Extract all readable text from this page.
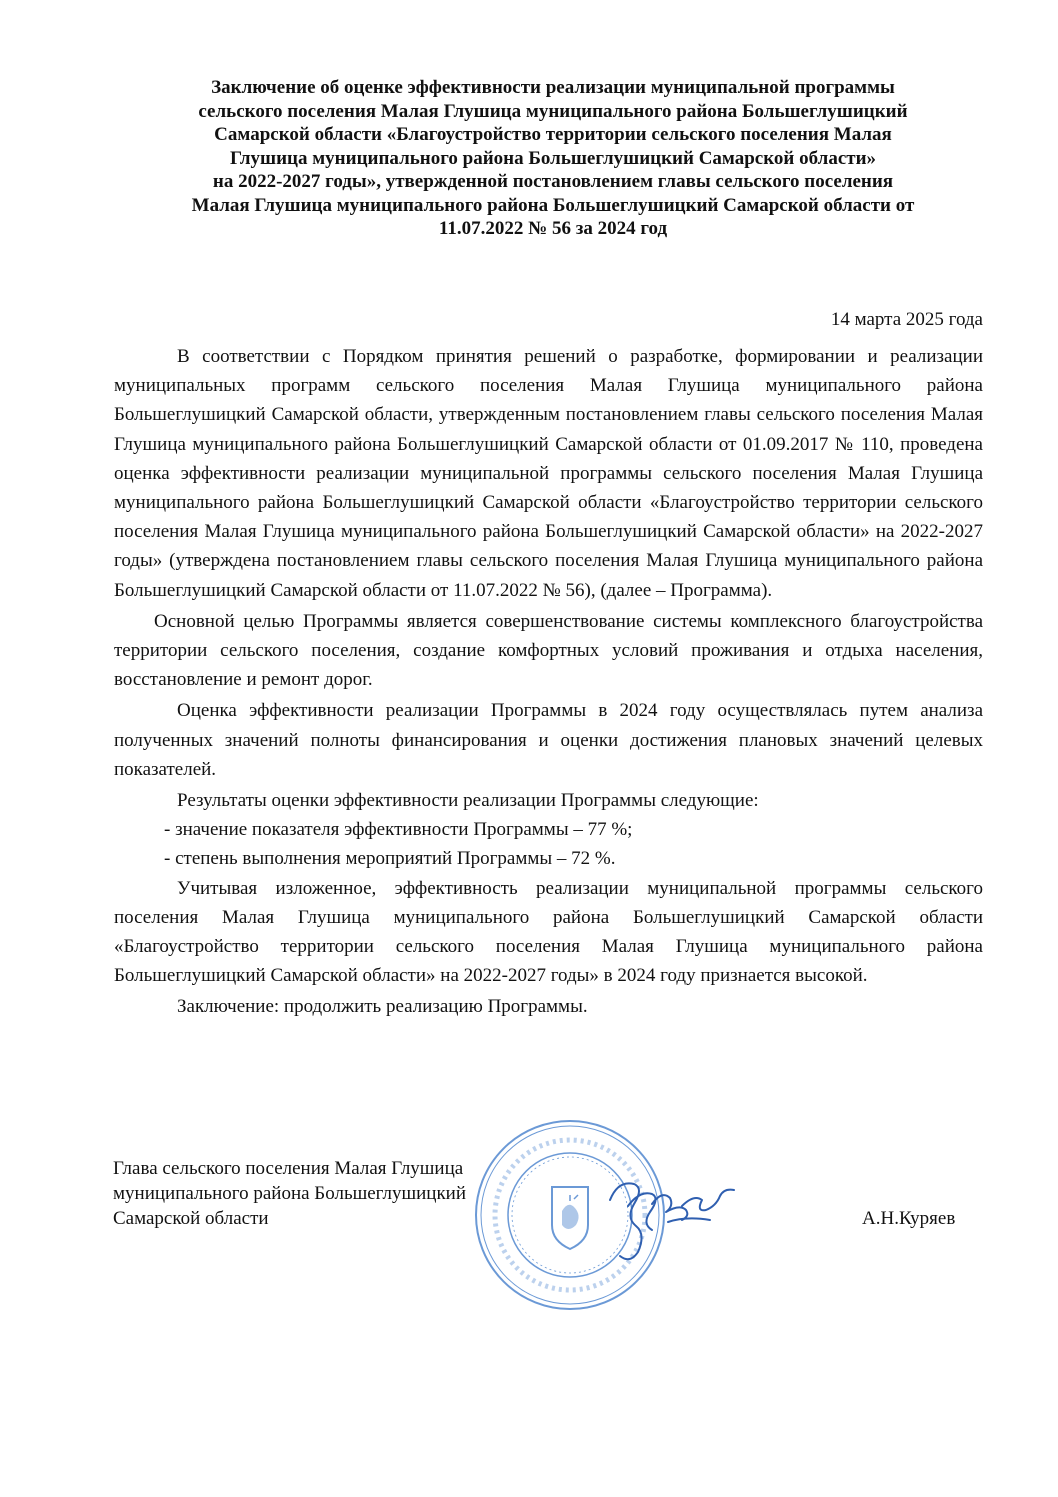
Заключение об оценке эффективности реализации муниципальной программы
сельского поселения Малая Глушица муниципального района Большеглушицкий
Самарской области «Благоустройство территории сельского поселения Малая
Глушица муниципального района Большеглушицкий Самарской области»
на 2022-2027 годы», утвержденной постановлением главы сельского поселения
Малая Глушица муниципального района Большеглушицкий Самарской области от
11.07.2022 № 56 за 2024 год
14 марта 2025 года

В соответствии с Порядком принятия решений о разработке, формировании и реализации муниципальных программ сельского поселения Малая Глушица муниципального района Большеглушицкий Самарской области, утвержденным постановлением главы сельского поселения Малая Глушица муниципального района Большеглушицкий Самарской области от 01.09.2017 № 110, проведена оценка эффективности реализации муниципальной программы сельского поселения Малая Глушица муниципального района Большеглушицкий Самарской области «Благоустройство территории сельского поселения Малая Глушица муниципального района Большеглушицкий Самарской области» на 2022-2027 годы» (утверждена постановлением главы сельского поселения Малая Глушица муниципального района Большеглушицкий Самарской области от 11.07.2022 № 56), (далее – Программа).

Основной целью Программы является совершенствование системы комплексного благоустройства территории сельского поселения, создание комфортных условий проживания и отдыха населения, восстановление и ремонт дорог.

Оценка эффективности реализации Программы в 2024 году осуществлялась путем анализа полученных значений полноты финансирования и оценки достижения плановых значений целевых показателей.

Результаты оценки эффективности реализации Программы следующие:

- значение показателя эффективности Программы – 77 %;

- степень выполнения мероприятий Программы – 72 %.

Учитывая изложенное, эффективность реализации муниципальной программы сельского поселения Малая Глушица муниципального района Большеглушицкий Самарской области «Благоустройство территории сельского поселения Малая Глушица муниципального района Большеглушицкий Самарской области» на 2022-2027 годы» в 2024 году признается высокой.

Заключение: продолжить реализацию Программы.

Глава сельского поселения Малая Глушица
муниципального района Большеглушицкий
Самарской области	А.Н.Куряев
